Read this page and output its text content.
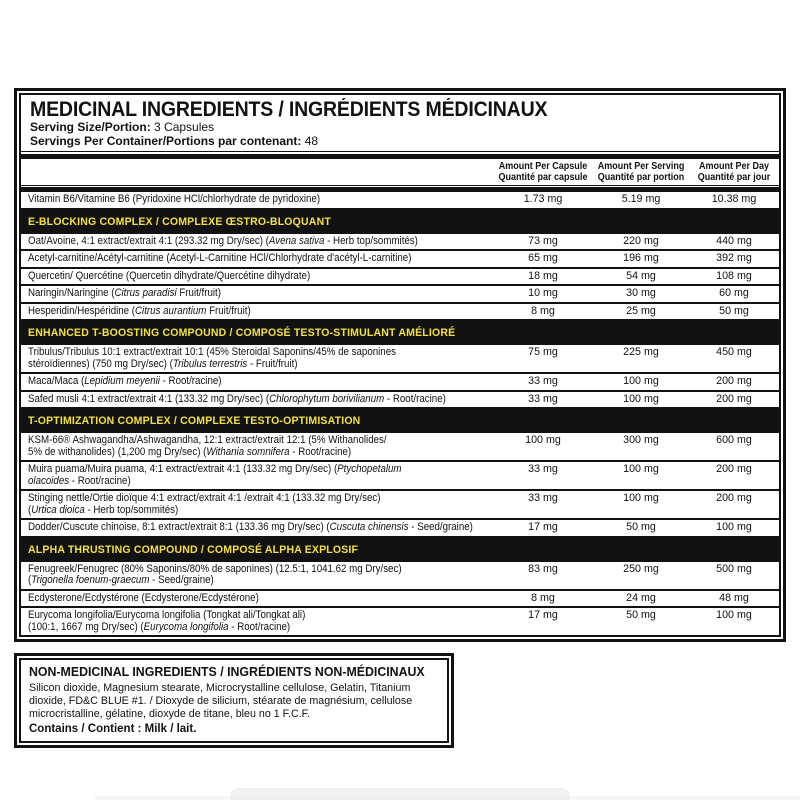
MEDICINAL INGREDIENTS / INGRÉDIENTS MÉDICINAUX

Serving Size/Portion: 3 Capsules

Servings Per Container/Portions par contenant: 48

Amount Per Capsule
Quantité par capsule
Amount Per Serving
Quantité par portion
Amount Per Day
Quantité par jour
Vitamin B6/Vitamine B6 (Pyridoxine HCl/chlorhydrate de pyridoxine)	1.73 mg	5.19 mg	10.38 mg
E-BLOCKING COMPLEX / COMPLEXE ŒSTRO-BLOQUANT
Oat/Avoine, 4:1 extract/extrait 4:1 (293.32 mg Dry/sec) (Avena sativa - Herb top/sommités)	73 mg	220 mg	440 mg
Acetyl-carnitine/Acétyl-carnitine (Acetyl-L-Carnitine HCl/Chlorhydrate d'acétyl-L-carnitine)	65 mg	196 mg	392 mg
Quercetin/ Quercétine (Quercetin dihydrate/Quercétine dihydrate)	18 mg	54 mg	108 mg
Naringin/Naringine (Citrus paradisi Fruit/fruit)	10 mg	30 mg	60 mg
Hesperidin/Hespéridine (Citrus aurantium Fruit/fruit)	8 mg	25 mg	50 mg
ENHANCED T-BOOSTING COMPOUND / COMPOSÉ TESTO-STIMULANT AMÉLIORÉ
Tribulus/Tribulus 10:1 extract/extrait 10:1 (45% Steroidal Saponins/45% de saponines
stéroïdiennes) (750 mg Dry/sec) (Tribulus terrestris - Fruit/fruit)
75 mg	225 mg	450 mg
Maca/Maca (Lepidium meyenii - Root/racine)	33 mg	100 mg	200 mg
Safed musli 4:1 extract/extrait 4:1 (133.32 mg Dry/sec) (Chlorophytum borivilianum - Root/racine)	33 mg	100 mg	200 mg
T-OPTIMIZATION COMPLEX / COMPLEXE TESTO-OPTIMISATION
KSM-66® Ashwagandha/Ashwagandha, 12:1 extract/extrait 12:1 (5% Withanolides/
5% de withanolides) (1,200 mg Dry/sec) (Withania somnifera - Root/racine)
100 mg	300 mg	600 mg
Muira puama/Muira puama, 4:1 extract/extrait 4:1 (133.32 mg Dry/sec) (Ptychopetalum
olacoides - Root/racine)
33 mg	100 mg	200 mg
Stinging nettle/Ortie dioïque 4:1 extract/extrait 4:1 /extrait 4:1 (133.32 mg Dry/sec)
(Urtica dioica - Herb top/sommités)
33 mg	100 mg	200 mg
Dodder/Cuscute chinoise, 8:1 extract/extrait 8:1 (133.36 mg Dry/sec) (Cuscuta chinensis - Seed/graine)	17 mg	50 mg	100 mg
ALPHA THRUSTING COMPOUND / COMPOSÉ ALPHA EXPLOSIF
Fenugreek/Fenugrec (80% Saponins/80% de saponines) (12.5:1, 1041.62 mg Dry/sec)
(Trigonella foenum-graecum - Seed/graine)
83 mg	250 mg	500 mg
Ecdysterone/Ecdystérone (Ecdysterone/Ecdystérone)	8 mg	24 mg	48 mg
Eurycoma longifolia/Eurycoma longifolia (Tongkat ali/Tongkat ali)
(100:1, 1667 mg Dry/sec) (Eurycoma longifolia - Root/racine)
17 mg	50 mg	100 mg
NON-MEDICINAL INGREDIENTS / INGRÉDIENTS NON-MÉDICINAUX

Silicon dioxide, Magnesium stearate, Microcrystalline cellulose, Gelatin, Titanium dioxide, FD&C BLUE #1. / Dioxyde de silicium, stéarate de magnésium, cellulose microcristalline, gélatine, dioxyde de titane, bleu no 1 F.C.F.

Contains / Contient : Milk / lait.
